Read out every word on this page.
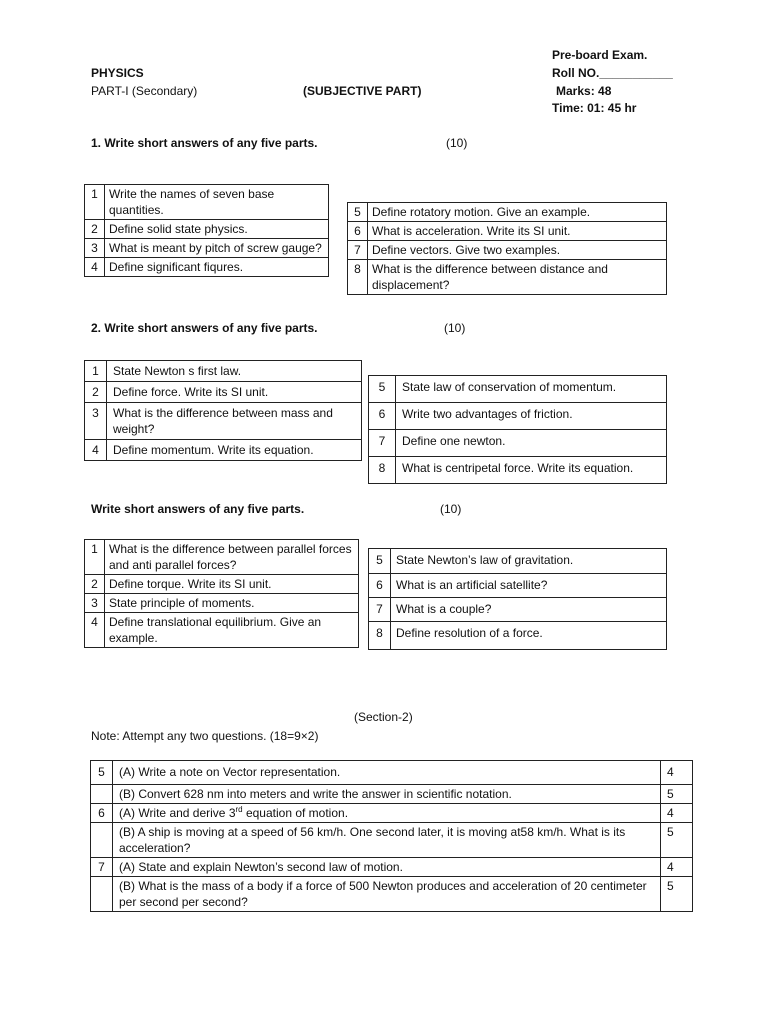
Pre-board Exam.
PHYSICS	Roll NO.___________
PART-I (Secondary)	(SUBJECTIVE PART)	Marks: 48
Time: 01: 45 hr
1. Write short answers of any five parts.	(10)
1	Write the names of seven base quantities.
2	Define solid state physics.
3	What is meant by pitch of screw gauge?
4	Define significant fiqures.
5	Define rotatory motion. Give an example.
6	What is acceleration. Write its SI unit.
7	Define vectors. Give two examples.
8	What is the difference between distance and displacement?
2. Write short answers of any five parts.	(10)
1	State Newton s first law.
2	Define force. Write its SI unit.
3	What is the difference between mass and weight?
4	Define momentum. Write its equation.
5	State law of conservation of momentum.
6	Write two advantages of friction.
7	Define one newton.
8	What is centripetal force. Write its equation.
Write short answers of any five parts.	(10)
1	What is the difference between parallel forces and anti parallel forces?
2	Define torque. Write its SI unit.
3	State principle of moments.
4	Define translational equilibrium. Give an example.
5	State Newton’s law of gravitation.
6	What is an artificial satellite?
7	What is a couple?
8	Define resolution of a force.
(Section-2)
Note: Attempt any two questions. (18=9×2)
5	(A) Write a note on Vector representation.	4
	(B) Convert 628 nm into meters and write the answer in scientific notation.	5
6	(A) Write and derive 3rd equation of motion.	4
	(B) A ship is moving at a speed of 56 km/h. One second later, it is moving at58 km/h. What is its acceleration?	5
7	(A) State and explain Newton’s second law of motion.	4
	(B) What is the mass of a body if a force of 500 Newton produces and acceleration of 20 centimeter per second per second?	5
